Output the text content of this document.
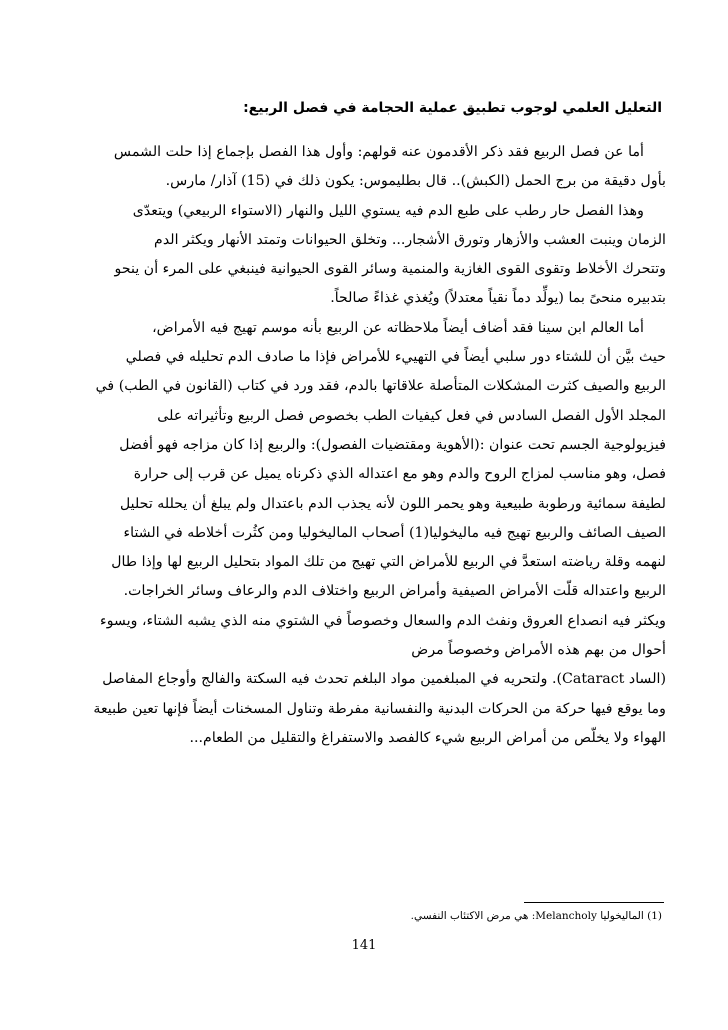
التعليل العلمي لوجوب تطبيق عملية الحجامة في فصل الربيع:
أما عن فصل الربيع فقد ذكر الأقدمون عنه قولهم: وأول هذا الفصل بإجماع إذا حلت الشمس
بأول دقيقة من برج الحمل (الكبش).. قال بطليموس: يكون ذلك في (15) آذار/ مارس.
وهذا الفصل حار رطب على طبع الدم فيه يستوي الليل والنهار (الاستواء الربيعي) ويتعدّى
الزمان وينبت العشب والأزهار وتورق الأشجار... وتخلق الحيوانات وتمتد الأنهار ويكثر الدم
وتتحرك الأخلاط وتقوى القوى الغازية والمنمية وسائر القوى الحيوانية فينبغي على المرء أن ينحو
بتدبيره منحىً بما (يولِّد دماً نقياً معتدلاً) ويُغذي غذاءً صالحاً.
أما العالم ابن سينا فقد أضاف أيضاً ملاحظاته عن الربيع بأنه موسم تهيج فيه الأمراض،
حيث بيَّن أن للشتاء دور سلبي أيضاً في التهييء للأمراض فإذا ما صادف الدم تحليله في فصلي
الربيع والصيف كثرت المشكلات المتأصلة علاقاتها بالدم، فقد ورد في كتاب (القانون في الطب) في
المجلد الأول الفصل السادس في فعل كيفيات الطب بخصوص فصل الربيع وتأثيراته على
فيزيولوجية الجسم تحت عنوان :(الأهوية ومقتضيات الفصول): والربيع إذا كان مزاجه فهو أفضل
فصل، وهو مناسب لمزاج الروح والدم وهو مع اعتداله الذي ذكرناه يميل عن قرب إلى حرارة
لطيفة سمائية ورطوبة طبيعية وهو يحمر اللون لأنه يجذب الدم باعتدال ولم يبلغ أن يحلله تحليل
الصيف الصائف والربيع تهيج فيه ماليخوليا(1) أصحاب الماليخوليا ومن كثُرت أخلاطه في الشتاء
لنهمه وقلة رياضته استعدَّ في الربيع للأمراض التي تهيج من تلك المواد بتحليل الربيع لها وإذا طال
الربيع واعتداله قلّت الأمراض الصيفية وأمراض الربيع واختلاف الدم والرعاف وسائر الخراجات.
ويكثر فيه انصداع العروق ونفث الدم والسعال وخصوصاً في الشتوي منه الذي يشبه الشتاء، ويسوء
أحوال من بهم هذه الأمراض وخصوصاً مرض
(الساد Cataract). ولتحريه في المبلغمين مواد البلغم تحدث فيه السكتة والفالج وأوجاع المفاصل
وما يوقع فيها حركة من الحركات البدنية والنفسانية مفرطة وتناول المسخنات أيضاً فإنها تعين طبيعة
الهواء ولا يخلّص من أمراض الربيع شيء كالفصد والاستفراغ والتقليل من الطعام...
(1) الماليخوليا Melancholy: هي مرض الاكتئاب النفسي.
141
